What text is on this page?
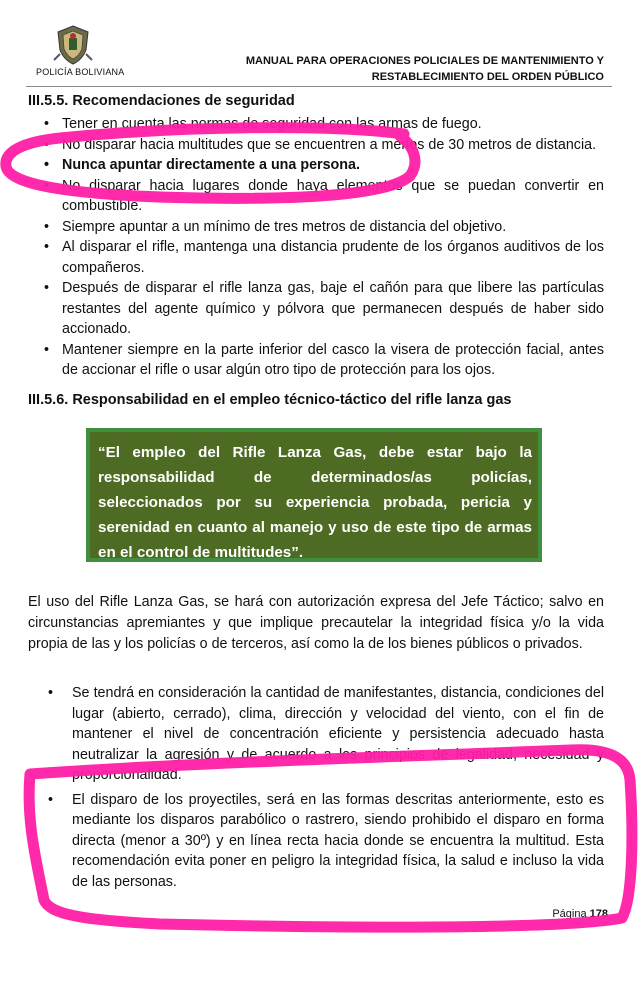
POLICÍA BOLIVIANA
MANUAL PARA OPERACIONES POLICIALES DE MANTENIMIENTO Y
RESTABLECIMIENTO DEL ORDEN PÚBLICO
III.5.5. Recomendaciones de seguridad
• Tener en cuenta las normas de seguridad con las armas de fuego.
• No disparar hacia multitudes que se encuentren a menos de 30 metros de distancia.
• Nunca apuntar directamente a una persona.
• No disparar hacia lugares donde haya elementos que se puedan convertir en combustible.
• Siempre apuntar a un mínimo de tres metros de distancia del objetivo.
• Al disparar el rifle, mantenga una distancia prudente de los órganos auditivos de los compañeros.
• Después de disparar el rifle lanza gas, baje el cañón para que libere las partículas restantes del agente químico y pólvora que permanecen después de haber sido accionado.
• Mantener siempre en la parte inferior del casco la visera de protección facial, antes de accionar el rifle o usar algún otro tipo de protección para los ojos.
III.5.6. Responsabilidad en el empleo técnico-táctico del rifle lanza gas
“El empleo del Rifle Lanza Gas, debe estar bajo la responsabilidad de determinados/as policías, seleccionados por su experiencia probada, pericia y serenidad en cuanto al manejo y uso de este tipo de armas en el control de multitudes”.
El uso del Rifle Lanza Gas, se hará con autorización expresa del Jefe Táctico; salvo en circunstancias apremiantes y que implique precautelar la integridad física y/o la vida propia de las y los policías o de terceros, así como la de los bienes públicos o privados.
• Se tendrá en consideración la cantidad de manifestantes, distancia, condiciones del lugar (abierto, cerrado), clima, dirección y velocidad del viento, con el fin de mantener el nivel de concentración eficiente y persistencia adecuado hasta neutralizar la agresión y de acuerdo a los principios de legalidad, necesidad y proporcionalidad.
• El disparo de los proyectiles, será en las formas descritas anteriormente, esto es mediante los disparos parabólico o rastrero, siendo prohibido el disparo en forma directa (menor a 30º) y en línea recta hacia donde se encuentra la multitud. Esta recomendación evita poner en peligro la integridad física, la salud e incluso la vida de las personas.
Página 178
